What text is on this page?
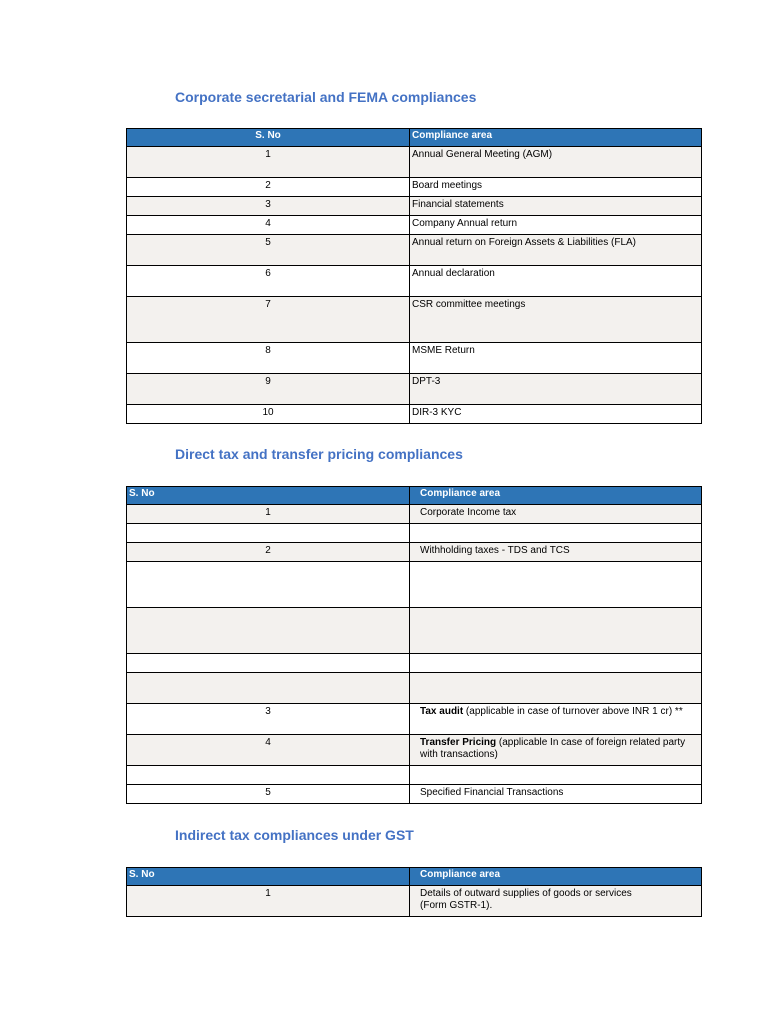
Corporate secretarial and FEMA compliances
S. No	Compliance area
1	Annual General Meeting (AGM)
2	Board meetings
3	Financial statements
4	Company Annual return
5	Annual return on Foreign Assets & Liabilities (FLA)
6	Annual declaration
7	CSR committee meetings
8	MSME Return
9	DPT-3
10	DIR-3 KYC
Direct tax and transfer pricing compliances
S. No	Compliance area
1	Corporate Income tax

2	Withholding taxes - TDS and TCS

3	Tax audit (applicable in case of turnover above INR 1 cr) **
4	Transfer Pricing (applicable In case of foreign related party with transactions)

5	Specified Financial Transactions
Indirect tax compliances under GST
S. No	Compliance area
1	Details of outward supplies of goods or services (Form GSTR-1).
